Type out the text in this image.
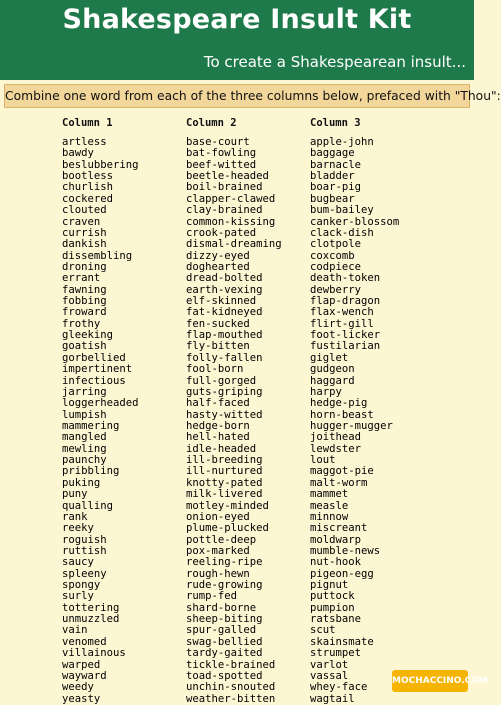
Shakespeare Insult Kit
To create a Shakespearean insult...
Combine one word from each of the three columns below, prefaced with "Thou":
Column 1
artless
bawdy
beslubbering
bootless
churlish
cockered
clouted
craven
currish
dankish
dissembling
droning
errant
fawning
fobbing
froward
frothy
gleeking
goatish
gorbellied
impertinent
infectious
jarring
loggerheaded
lumpish
mammering
mangled
mewling
paunchy
pribbling
puking
puny
qualling
rank
reeky
roguish
ruttish
saucy
spleeny
spongy
surly
tottering
unmuzzled
vain
venomed
villainous
warped
wayward
weedy
yeasty
Column 2
base-court
bat-fowling
beef-witted
beetle-headed
boil-brained
clapper-clawed
clay-brained
common-kissing
crook-pated
dismal-dreaming
dizzy-eyed
doghearted
dread-bolted
earth-vexing
elf-skinned
fat-kidneyed
fen-sucked
flap-mouthed
fly-bitten
folly-fallen
fool-born
full-gorged
guts-griping
half-faced
hasty-witted
hedge-born
hell-hated
idle-headed
ill-breeding
ill-nurtured
knotty-pated
milk-livered
motley-minded
onion-eyed
plume-plucked
pottle-deep
pox-marked
reeling-ripe
rough-hewn
rude-growing
rump-fed
shard-borne
sheep-biting
spur-galled
swag-bellied
tardy-gaited
tickle-brained
toad-spotted
unchin-snouted
weather-bitten
Column 3
apple-john
baggage
barnacle
bladder
boar-pig
bugbear
bum-bailey
canker-blossom
clack-dish
clotpole
coxcomb
codpiece
death-token
dewberry
flap-dragon
flax-wench
flirt-gill
foot-licker
fustilarian
giglet
gudgeon
haggard
harpy
hedge-pig
horn-beast
hugger-mugger
joithead
lewdster
lout
maggot-pie
malt-worm
mammet
measle
minnow
miscreant
moldwarp
mumble-news
nut-hook
pigeon-egg
pignut
puttock
pumpion
ratsbane
scut
skainsmate
strumpet
varlot
vassal
whey-face
wagtail
MOCHACCINO.COM
